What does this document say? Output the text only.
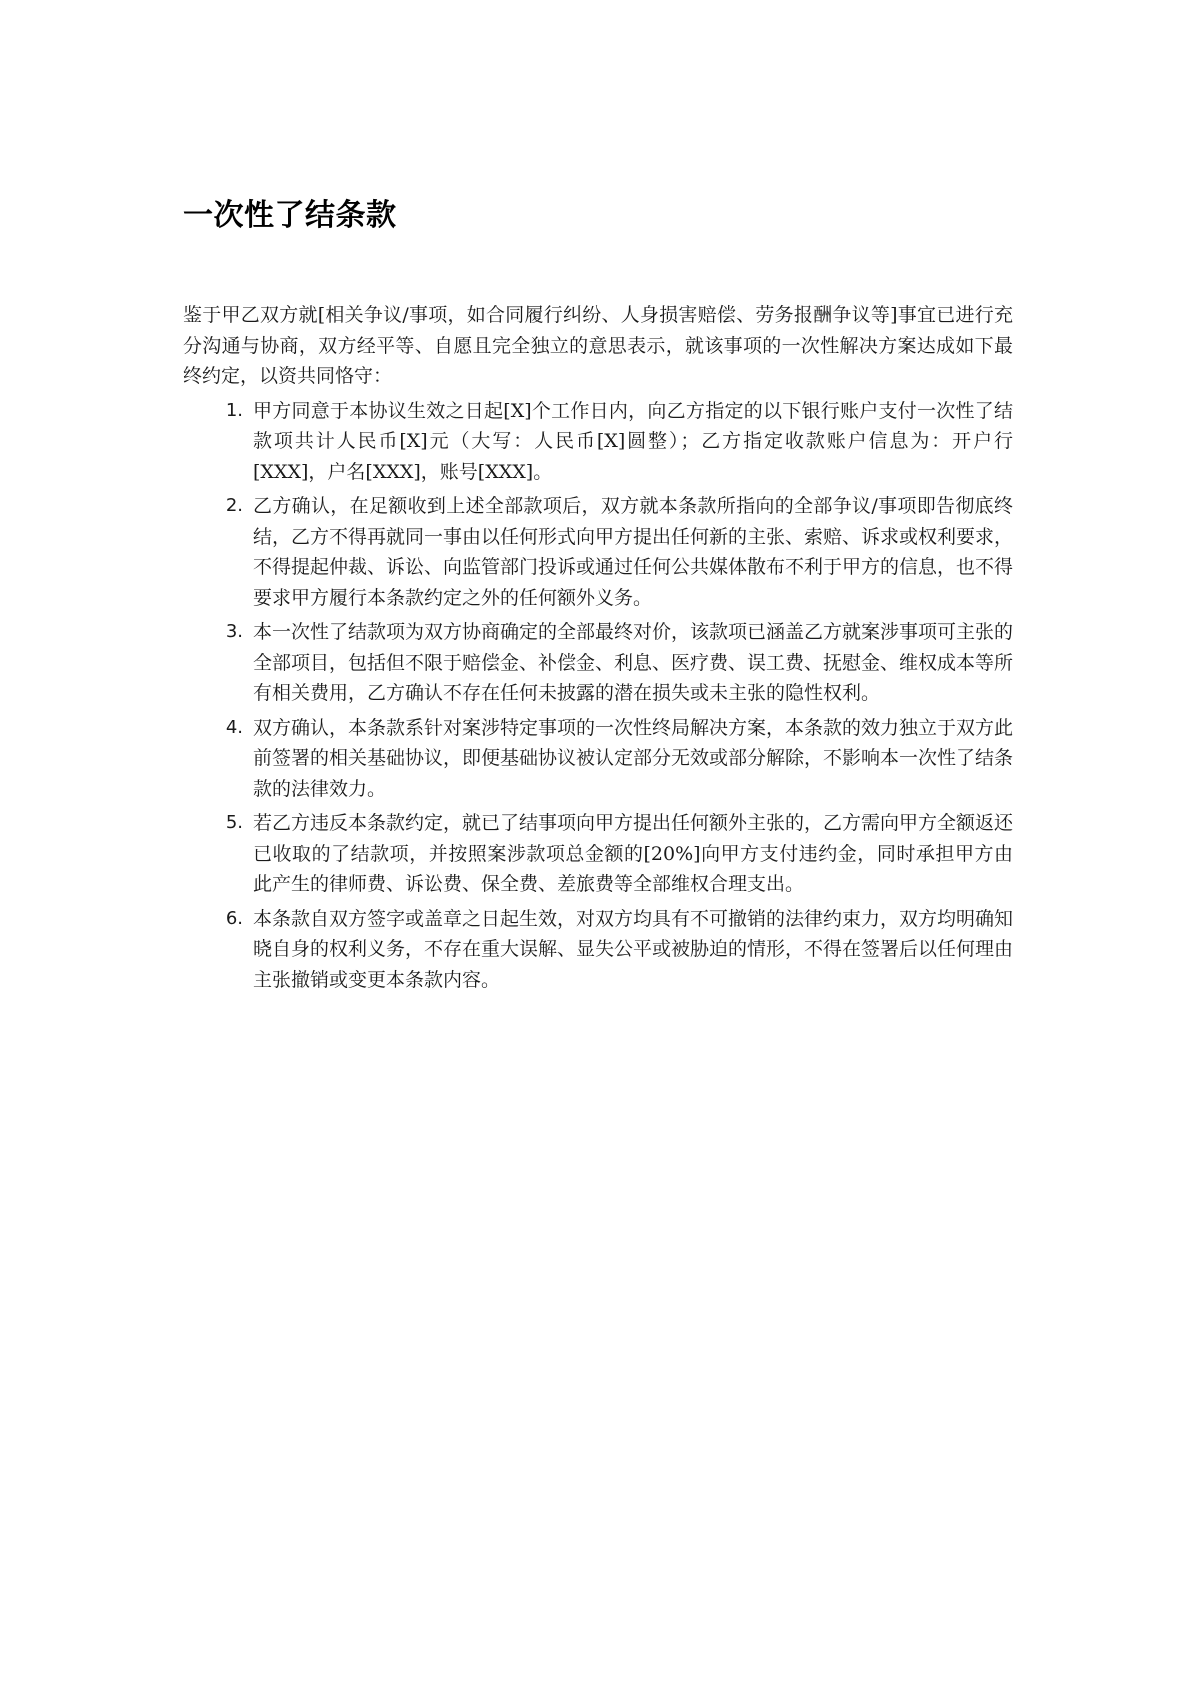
一次性了结条款

鉴于甲乙双方就[相关争议/事项，如合同履行纠纷、人身损害赔偿、劳务报酬争议等]事宜已进行充分沟通与协商，双方经平等、自愿且完全独立的意思表示，就该事项的一次性解决方案达成如下最终约定，以资共同恪守：

1. 甲方同意于本协议生效之日起[X]个工作日内，向乙方指定的以下银行账户支付一次性了结款项共计人民币[X]元（大写：人民币[X]圆整）；乙方指定收款账户信息为：开户行[XXX]，户名[XXX]，账号[XXX]。
2. 乙方确认，在足额收到上述全部款项后，双方就本条款所指向的全部争议/事项即告彻底终结，乙方不得再就同一事由以任何形式向甲方提出任何新的主张、索赔、诉求或权利要求，不得提起仲裁、诉讼、向监管部门投诉或通过任何公共媒体散布不利于甲方的信息，也不得要求甲方履行本条款约定之外的任何额外义务。
3. 本一次性了结款项为双方协商确定的全部最终对价，该款项已涵盖乙方就案涉事项可主张的全部项目，包括但不限于赔偿金、补偿金、利息、医疗费、误工费、抚慰金、维权成本等所有相关费用，乙方确认不存在任何未披露的潜在损失或未主张的隐性权利。
4. 双方确认，本条款系针对案涉特定事项的一次性终局解决方案，本条款的效力独立于双方此前签署的相关基础协议，即便基础协议被认定部分无效或部分解除，不影响本一次性了结条款的法律效力。
5. 若乙方违反本条款约定，就已了结事项向甲方提出任何额外主张的，乙方需向甲方全额返还已收取的了结款项，并按照案涉款项总金额的[20%]向甲方支付违约金，同时承担甲方由此产生的律师费、诉讼费、保全费、差旅费等全部维权合理支出。
6. 本条款自双方签字或盖章之日起生效，对双方均具有不可撤销的法律约束力，双方均明确知晓自身的权利义务，不存在重大误解、显失公平或被胁迫的情形，不得在签署后以任何理由主张撤销或变更本条款内容。
